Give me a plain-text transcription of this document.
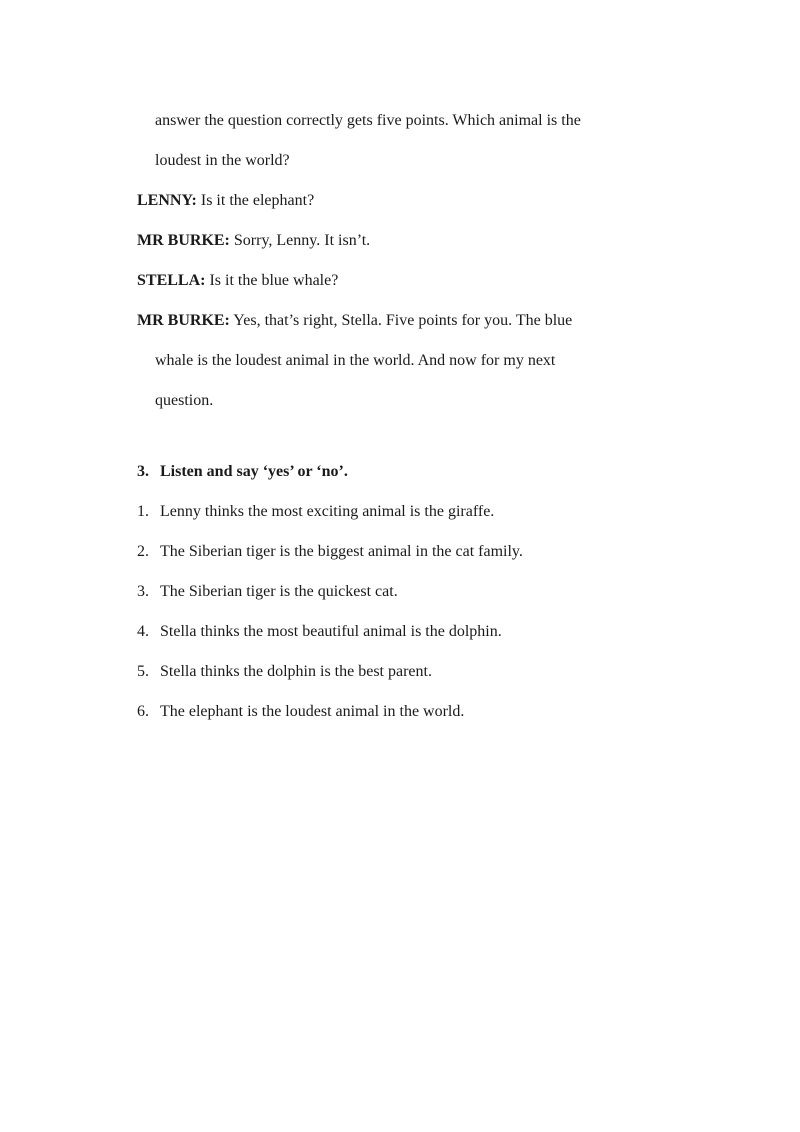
answer the question correctly gets five points. Which animal is the

loudest in the world?

LENNY: Is it the elephant?

MR BURKE: Sorry, Lenny. It isn’t.

STELLA: Is it the blue whale?

MR BURKE: Yes, that’s right, Stella. Five points for you. The blue

whale is the loudest animal in the world. And now for my next

question.

3. Listen and say ‘yes’ or ‘no’.

1. Lenny thinks the most exciting animal is the giraffe.
2. The Siberian tiger is the biggest animal in the cat family.
3. The Siberian tiger is the quickest cat.
4. Stella thinks the most beautiful animal is the dolphin.
5. Stella thinks the dolphin is the best parent.
6. The elephant is the loudest animal in the world.
